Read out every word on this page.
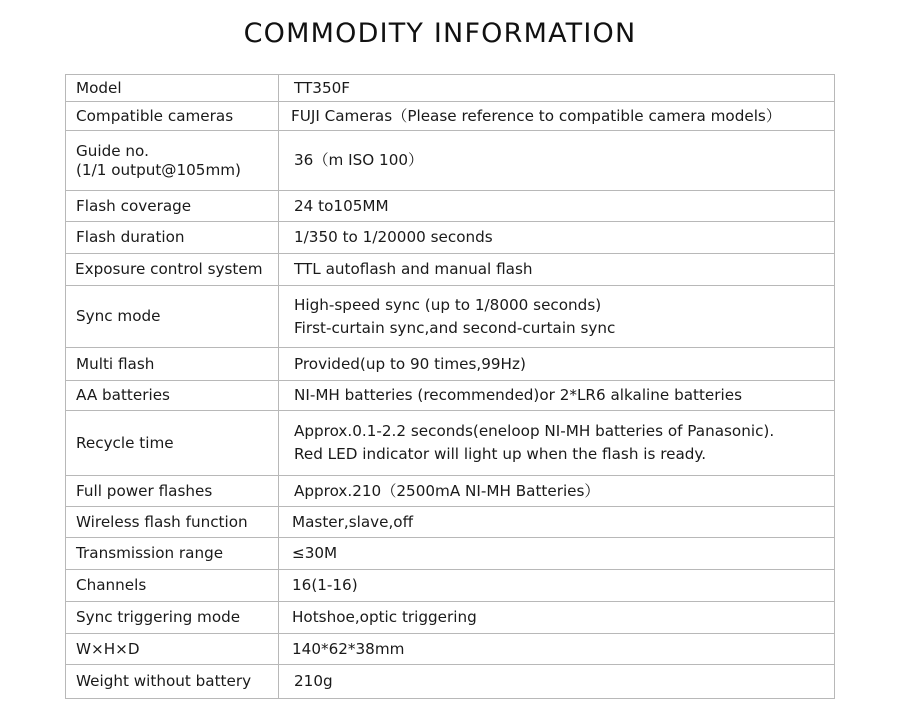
COMMODITY INFORMATION
Model	TT350F
Compatible cameras	FUJI Cameras（Please reference to compatible camera models）

Guide no.
(1/1 output@105mm)	36（m ISO 100）
Flash coverage	24 to105MM
Flash duration	1/350 to 1/20000 seconds
Exposure control system	TTL autoflash and manual flash
Sync mode	High-speed sync (up to 1/8000 seconds)
First-curtain sync,and second-curtain sync

Multi flash	Provided(up to 90 times,99Hz)
AA batteries	NI-MH batteries (recommended)or 2*LR6 alkaline batteries
Recycle time	Approx.0.1-2.2 seconds(eneloop NI-MH batteries of Panasonic).
Red LED indicator will light up when the flash is ready.

Full power flashes	Approx.210（2500mA NI-MH Batteries）
Wireless flash function	Master,slave,off
Transmission range	≤30M
Channels	16(1-16)
Sync triggering mode	Hotshoe,optic triggering
W×H×D	140*62*38mm
Weight without battery	210g
